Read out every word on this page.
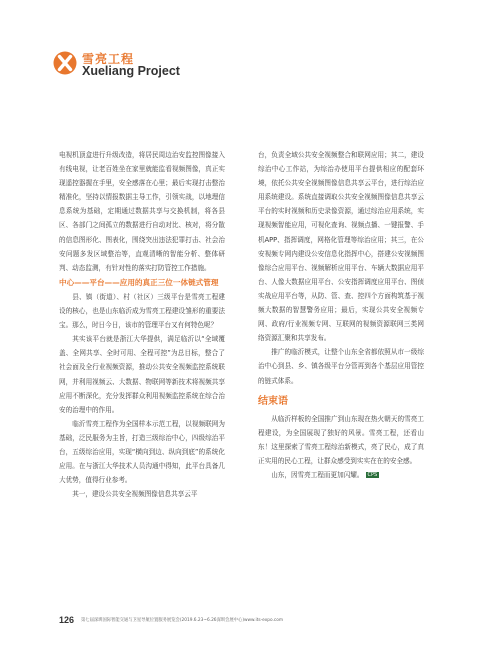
雪亮工程
Xueliang Project

电视机顶盒进行升级改造，将居民周边治安监控图像接入有线电视，让老百姓坐在家里就能监看视频图像，真正实现遥控器握在手里，安全感落在心里；最后实现打击整治精准化，坚持以情报数据主导工作，引领实战，以地理信息系统为基础，定期通过数据共享与交换机制，将各县区、各部门之间孤立的数据进行自动对比、核对，将分散的信息图形化、图表化，围绕突出违法犯罪打击、社会治安问题多发区域整治等，直观清晰的智能分析、整体研判、动态监测，有针对性的落实打防管控工作措施。

中心——平台——应用的真正三位一体链式管理

县、镇（街道）、村（社区）三级平台是雪亮工程建设的核心，也是山东临沂成为雪亮工程建设雏形的重要法宝。那么，时日今日，该市的管理平台又有何特色呢？

其实该平台就是浙江大华提供，满足临沂以“全域覆盖、全网共享、全时可用、全程可控”为总目标，整合了社会面及全行业视频资源，推动公共安全视频监控系统联网，并利用视频云、大数据、物联网等新技术将视频共享应用不断深化，充分发挥群众利用视频监控系统在综合治安的治理中的作用。

临沂雪亮工程作为全国样本示范工程，以视频联网为基础，泛民服务为主旨，打造三级综治中心，四级综治平台，五级综治应用，实现“横向到边、纵向到底”的系统化应用。在与浙江大华技术人员沟通中得知，此平台具备几大优势，值得行业参考。

其一，建设公共安全视频图像信息共享云平

台，负责全域公共安全视频整合和联网应用；其二，建设综治中心工作站，为综治办使用平台提供相应的配套环境，依托公共安全视频图像信息共享云平台，进行综治应用系统建设。系统直接调取公共安全视频图像信息共享云平台的实时视频和历史录像资源，通过综治应用系统，实现视频智能应用，可视化查询、视频点播、一键报警、手机APP、指挥调度，网格化管理等综治应用；其三，在公安视频专网内建设公安信息化指挥中心，搭建公安视频图像综合应用平台、视频解析应用平台、车辆大数据应用平台、人像大数据应用平台、公安指挥调度应用平台、图侦实战应用平台等，从防、管、查、控四个方面构筑基于视频大数据的智慧警务应用；最后，实现公共安全视频专网、政府/行业视频专网、互联网的视频资源联网三类网络资源汇聚和共享发布。

推广的临沂模式，让整个山东全省都依照从市一级综治中心到县、乡、镇各级平台分管再到各个基层应用管控的链式体系。

结束语

从临沂样板的全国推广到山东现在热火朝天的雪亮工程建设，为全国展现了独好的风景。雪亮工程，还看山东！这里探索了雪亮工程综治新模式，亮了民心，成了真正实用的民心工程，让群众感受到实实在在的安全感。

山东，因雪亮工程而更加闪耀。 CPS

126 第七届深圳国际智能交通与卫星导航位置服务展览会(2019.6.23~6.26深圳会展中心)www.its-expo.com
